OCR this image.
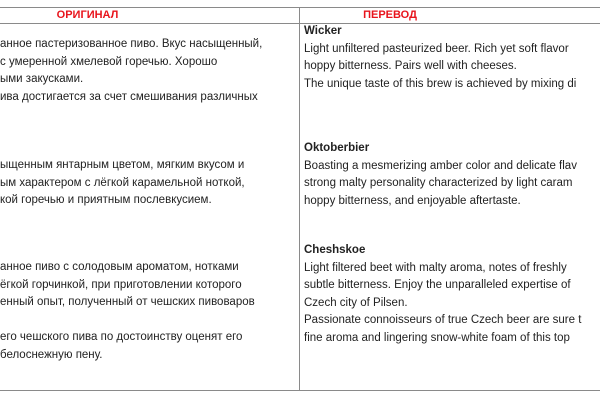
ОРИГИНАЛ	ПЕРЕВОД
анное пастеризованное пиво. Вкус насыщенный,
с умеренной хмелевой горечью. Хорошо
ыми закусками.
ива достигается за счет смешивания различных
ыщенным янтарным цветом, мягким вкусом и
ым характером с лёгкой карамельной ноткой,
кой горечью и приятным послевкусием.
анное пиво с солодовым ароматом, нотками
ёгкой горчинкой, при приготовлении которого
енный опыт, полученный от чешских пивоваров
его чешского пива по достоинству оценят его
белоснежную пену.
Wicker
Light unfiltered pasteurized beer. Rich yet soft flavor
hoppy bitterness. Pairs well with cheeses.
The unique taste of this brew is achieved by mixing di
Oktoberbier
Boasting a mesmerizing amber color and delicate flav
strong malty personality characterized by light caram
hoppy bitterness, and enjoyable aftertaste.
Cheshskoe
Light filtered beet with malty aroma, notes of freshly
subtle bitterness. Enjoy the unparalleled expertise of
Czech city of Pilsen.
Passionate connoisseurs of true Czech beer are sure t
fine aroma and lingering snow-white foam of this top
